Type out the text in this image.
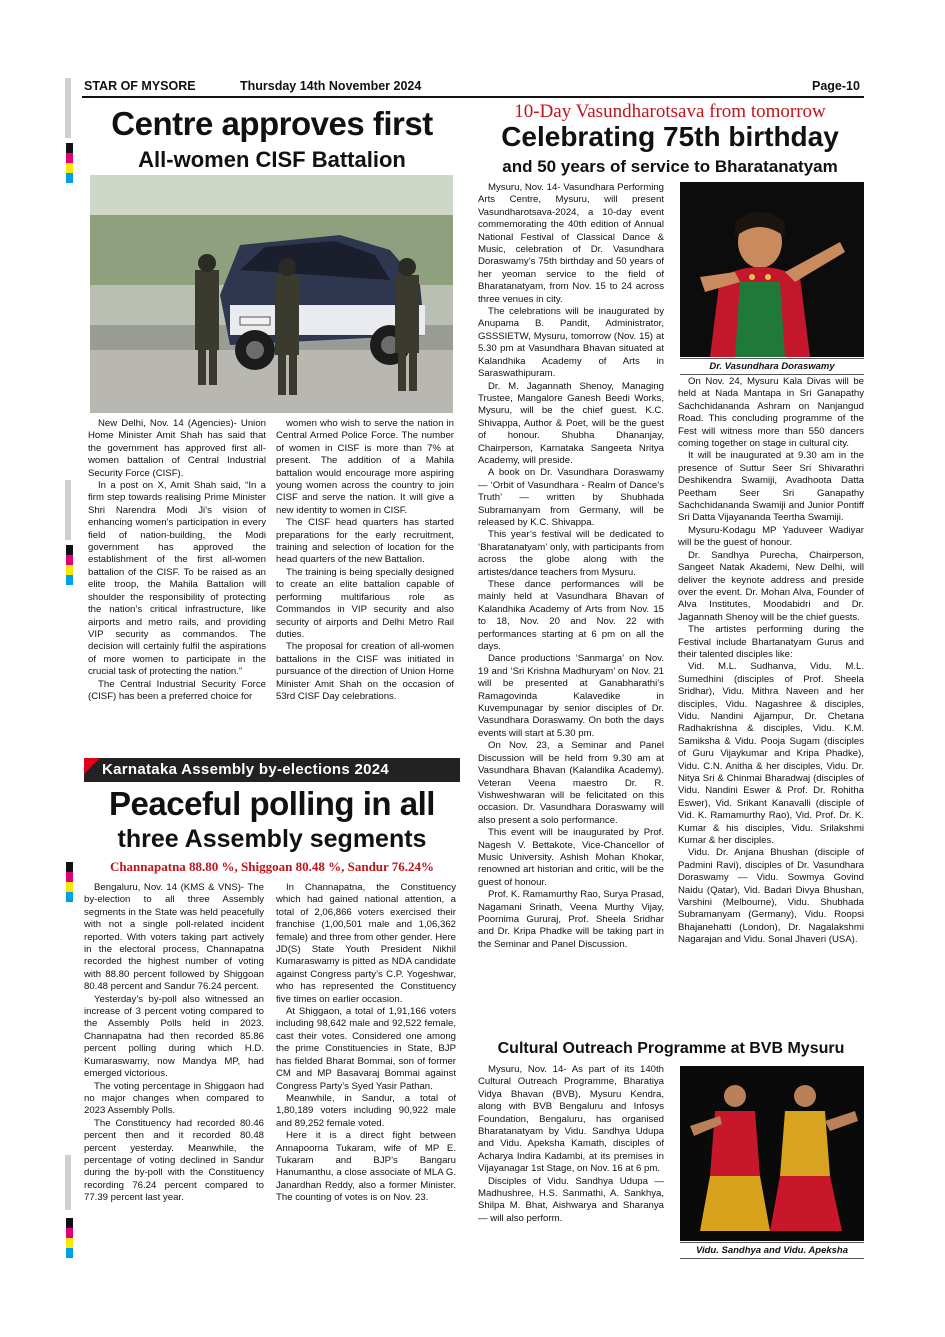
STAR OF MYSORE	Thursday 14th November 2024	Page-10
Centre approves first
All-women CISF Battalion

New Delhi, Nov. 14 (Agencies)- Union Home Minister Amit Shah has said that the government has approved first all-women battalion of Central Industrial Security Force (CISF).

In a post on X, Amit Shah said, “In a firm step towards realising Prime Minister Shri Narendra Modi Ji’s vision of enhancing women’s participation in every field of nation-building, the Modi government has approved the establishment of the first all-women battalion of the CISF. To be raised as an elite troop, the Mahila Battalion will shoulder the responsibility of protecting the nation’s critical infrastructure, like airports and metro rails, and providing VIP security as commandos. The decision will certainly fulfil the aspirations of more women to participate in the crucial task of protecting the nation.”

The Central Industrial Security Force (CISF) has been a preferred choice for

women who wish to serve the nation in Central Armed Police Force. The number of women in CISF is more than 7% at present. The addition of a Mahila battalion would encourage more aspiring young women across the country to join CISF and serve the nation. It will give a new identity to women in CISF.

The CISF head quarters has started preparations for the early recruitment, training and selection of location for the head quarters of the new Battalion.

The training is being specially designed to create an elite battalion capable of performing multifarious role as Commandos in VIP security and also security of airports and Delhi Metro Rail duties.

The proposal for creation of all-women battalions in the CISF was initiated in pursuance of the direction of Union Home Minister Amit Shah on the occasion of 53rd CISF Day celebrations.

Karnataka Assembly by-elections 2024
Peaceful polling in all
three Assembly segments
Channapatna 88.80 %, Shiggoan 80.48 %, Sandur 76.24%

Bengaluru, Nov. 14 (KMS & VNS)- The by-election to all three Assembly segments in the State was held peacefully with not a single poll-related incident reported. With voters taking part actively in the electoral process, Channapatna recorded the highest number of voting with 88.80 percent followed by Shiggoan 80.48 percent and Sandur 76.24 percent.

Yesterday’s by-poll also witnessed an increase of 3 percent voting compared to the Assembly Polls held in 2023. Channapatna had then recorded 85.86 percent polling during which H.D. Kumaraswamy, now Mandya MP, had emerged victorious.

The voting percentage in Shiggaon had no major changes when compared to 2023 Assembly Polls.

The Constituency had recorded 80.46 percent then and it recorded 80.48 percent yesterday. Meanwhile, the percentage of voting declined in Sandur during the by-poll with the Constituency recording 76.24 percent compared to 77.39 percent last year.

In Channapatna, the Constituency which had gained national attention, a total of 2,06,866 voters exercised their franchise (1,00,501 male and 1,06,362 female) and three from other gender. Here JD(S) State Youth President Nikhil Kumaraswamy is pitted as NDA candidate against Congress party’s C.P. Yogeshwar, who has represented the Constituency five times on earlier occasion.

At Shiggaon, a total of 1,91,166 voters including 98,642 male and 92,522 female, cast their votes. Considered one among the prime Constituencies in State, BJP has fielded Bharat Bommai, son of former CM and MP Basavaraj Bommai against Congress Party’s Syed Yasir Pathan.

Meanwhile, in Sandur, a total of 1,80,189 voters including 90,922 male and 89,252 female voted.

Here it is a direct fight between Annapoorna Tukaram, wife of MP E. Tukaram and BJP’s Bangaru Hanumanthu, a close associate of MLA G. Janardhan Reddy, also a former Minister. The counting of votes is on Nov. 23.

10-Day Vasundharotsava from tomorrow
Celebrating 75th birthday
and 50 years of service to Bharatanatyam
Dr. Vasundhara Doraswamy

Mysuru, Nov. 14- Vasundhara Performing Arts Centre, Mysuru, will present Vasundharotsava-2024, a 10-day event commemorating the 40th edition of Annual National Festival of Classical Dance & Music, celebration of Dr. Vasundhara Doraswamy’s 75th birthday and 50 years of her yeoman service to the field of Bharatanatyam, from Nov. 15 to 24 across three venues in city.

The celebrations will be inaugurated by Anupama B. Pandit, Administrator, GSSSIETW, Mysuru, tomorrow (Nov. 15) at 5.30 pm at Vasundhara Bhavan situated at Kalandhika Academy of Arts in Saraswathipuram.

Dr. M. Jagannath Shenoy, Managing Trustee, Mangalore Ganesh Beedi Works, Mysuru, will be the chief guest. K.C. Shivappa, Author & Poet, will be the guest of honour. Shubha Dhananjay, Chairperson, Karnataka Sangeeta Nritya Academy, will preside.

A book on Dr. Vasundhara Doraswamy — ‘Orbit of Vasundhara - Realm of Dance’s Truth’ — written by Shubhada Subramanyam from Germany, will be released by K.C. Shivappa.

This year’s festival will be dedicated to ‘Bharatanatyam’ only, with participants from across the globe along with the artistes/dance teachers from Mysuru.

These dance performances will be mainly held at Vasundhara Bhavan of Kalandhika Academy of Arts from Nov. 15 to 18, Nov. 20 and Nov. 22 with performances starting at 6 pm on all the days.

Dance productions ‘Sanmarga’ on Nov. 19 and ‘Sri Krishna Madhuryam’ on Nov. 21 will be presented at Ganabharathi’s Ramagovinda Kalavedike in Kuvempunagar by senior disciples of Dr. Vasundhara Doraswamy. On both the days events will start at 5.30 pm.

On Nov. 23, a Seminar and Panel Discussion will be held from 9.30 am at Vasundhara Bhavan (Kalandika Academy). Veteran Veena maestro Dr. R. Vishweshwaran will be felicitated on this occasion. Dr. Vasundhara Doraswamy will also present a solo performance.

This event will be inaugurated by Prof. Nagesh V. Bettakote, Vice-Chancellor of Music University. Ashish Mohan Khokar, renowned art historian and critic, will be the guest of honour.

Prof. K. Ramamurthy Rao, Surya Prasad, Nagamani Srinath, Veena Murthy Vijay, Poornima Gururaj, Prof. Sheela Sridhar and Dr. Kripa Phadke will be taking part in the Seminar and Panel Discussion.

On Nov. 24, Mysuru Kala Divas will be held at Nada Mantapa in Sri Ganapathy Sachchidananda Ashram on Nanjangud Road. This concluding programme of the Fest will witness more than 550 dancers coming together on stage in cultural city.

It will be inaugurated at 9.30 am in the presence of Suttur Seer Sri Shivarathri Deshikendra Swamiji, Avadhoota Datta Peetham Seer Sri Ganapathy Sachchidananda Swamiji and Junior Pontiff Sri Datta Vijayananda Teertha Swamiji.

Mysuru-Kodagu MP Yaduveer Wadiyar will be the guest of honour.

Dr. Sandhya Purecha, Chairperson, Sangeet Natak Akademi, New Delhi, will deliver the keynote address and preside over the event. Dr. Mohan Alva, Founder of Alva Institutes, Moodabidri and Dr. Jagannath Shenoy will be the chief guests.

The artistes performing during the Festival include Bhartanatyam Gurus and their talented disciples like:

Vid. M.L. Sudhanva, Vidu. M.L. Sumedhini (disciples of Prof. Sheela Sridhar), Vidu. Mithra Naveen and her disciples, Vidu. Nagashree & disciples, Vidu. Nandini Ajjampur, Dr. Chetana Radhakrishna & disciples, Vidu. K.M. Samiksha & Vidu. Pooja Sugam (disciples of Guru Vijaykumar and Kripa Phadke), Vidu. C.N. Anitha & her disciples, Vidu. Dr. Nitya Sri & Chinmai Bharadwaj (disciples of Vidu. Nandini Eswer & Prof. Dr. Rohitha Eswer), Vid. Srikant Kanavalli (disciple of Vid. K. Ramamurthy Rao), Vid. Prof. Dr. K. Kumar & his disciples, Vidu. Srilakshmi Kumar & her disciples.

Vidu. Dr. Anjana Bhushan (disciple of Padmini Ravi), disciples of Dr. Vasundhara Doraswamy — Vidu. Sowmya Govind Naidu (Qatar), Vid. Badari Divya Bhushan, Varshini (Melbourne), Vidu. Shubhada Subramanyam (Germany), Vidu. Roopsi Bhajanehatti (London), Dr. Nagalakshmi Nagarajan and Vidu. Sonal Jhaveri (USA).

Cultural Outreach Programme at BVB Mysuru

Mysuru, Nov. 14- As part of its 140th Cultural Outreach Programme, Bharatiya Vidya Bhavan (BVB), Mysuru Kendra, along with BVB Bengaluru and Infosys Foundation, Bengaluru, has organised Bharatanatyam by Vidu. Sandhya Udupa and Vidu. Apeksha Kamath, disciples of Acharya Indira Kadambi, at its premises in Vijayanagar 1st Stage, on Nov. 16 at 6 pm.

Disciples of Vidu. Sandhya Udupa — Madhushree, H.S. Sanmathi, A. Sankhya, Shilpa M. Bhat, Aishwarya and Sharanya — will also perform.

Vidu. Sandhya and Vidu. Apeksha
